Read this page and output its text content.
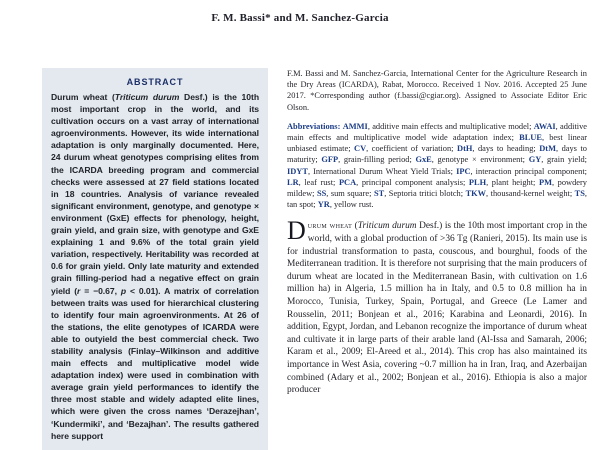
F. M. Bassi* and M. Sanchez-Garcia
ABSTRACT
Durum wheat (Triticum durum Desf.) is the 10th most important crop in the world, and its cultivation occurs on a vast array of international agroenvironments. However, its wide international adaptation is only marginally documented. Here, 24 durum wheat genotypes comprising elites from the ICARDA breeding program and commercial checks were assessed at 27 field stations located in 18 countries. Analysis of variance revealed significant environment, genotype, and genotype × environment (GxE) effects for phenology, height, grain yield, and grain size, with genotype and GxE explaining 1 and 9.6% of the total grain yield variation, respectively. Heritability was recorded at 0.6 for grain yield. Only late maturity and extended grain filling-period had a negative effect on grain yield (r = −0.67, p < 0.01). A matrix of correlation between traits was used for hierarchical clustering to identify four main agroenvironments. At 26 of the stations, the elite genotypes of ICARDA were able to outyield the best commercial check. Two stability analysis (Finlay–Wilkinson and additive main effects and multiplicative model wide adaptation index) were used in combination with average grain yield performances to identify the three most stable and widely adapted elite lines, which were given the cross names ‘Derazejhan’, ‘Kundermiki’, and ‘Bezajhan’. The results gathered here support
F.M. Bassi and M. Sanchez-Garcia, International Center for the Agriculture Research in the Dry Areas (ICARDA), Rabat, Morocco. Received 1 Nov. 2016. Accepted 25 June 2017. *Corresponding author (f.bassi@cgiar.org). Assigned to Associate Editor Eric Olson.
Abbreviations: AMMI, additive main effects and multiplicative model; AWAI, additive main effects and multiplicative model wide adaptation index; BLUE, best linear unbiased estimate; CV, coefficient of variation; DtH, days to heading; DtM, days to maturity; GFP, grain-filling period; GxE, genotype × environment; GY, grain yield; IDYT, International Durum Wheat Yield Trials; IPC, interaction principal component; LR, leaf rust; PCA, principal component analysis; PLH, plant height; PM, powdery mildew; SS, sum square; ST, Septoria tritici blotch; TKW, thousand-kernel weight; TS, tan spot; YR, yellow rust.
Durum wheat (Triticum durum Desf.) is the 10th most important crop in the world, with a global production of >36 Tg (Ranieri, 2015). Its main use is for industrial transformation to pasta, couscous, and bourghul, foods of the Mediterranean tradition. It is therefore not surprising that the main producers of durum wheat are located in the Mediterranean Basin, with cultivation on 1.6 million ha) in Algeria, 1.5 million ha in Italy, and 0.5 to 0.8 million ha in Morocco, Tunisia, Turkey, Spain, Portugal, and Greece (Le Lamer and Rousselin, 2011; Bonjean et al., 2016; Karabina and Leonardi, 2016). In addition, Egypt, Jordan, and Lebanon recognize the importance of durum wheat and cultivate it in large parts of their arable land (Al-Issa and Samarah, 2006; Karam et al., 2009; El-Areed et al., 2014). This crop has also maintained its importance in West Asia, covering ~0.7 million ha in Iran, Iraq, and Azerbaijan combined (Adary et al., 2002; Bonjean et al., 2016). Ethiopia is also a major producer
